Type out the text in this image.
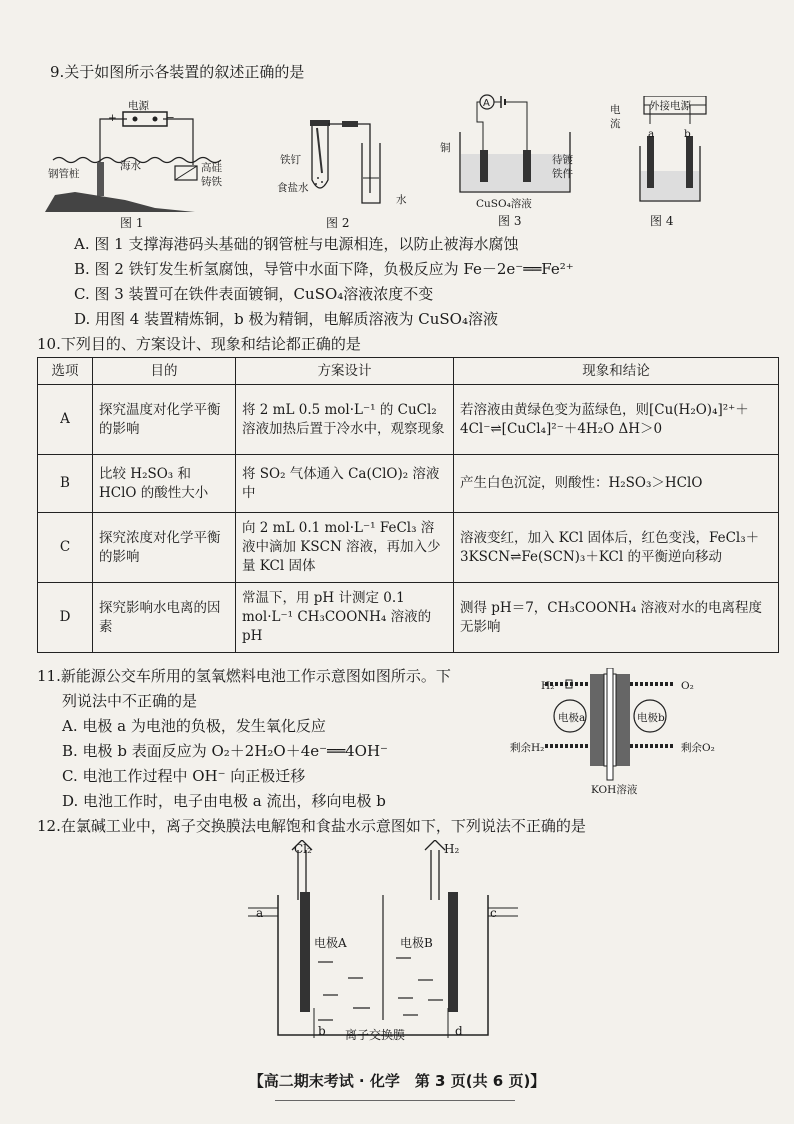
9.关于如图所示各装置的叙述正确的是
电源
+	−
海水
钢管桩	高硅
铸铁
图 1
铁钉
食盐水
水
图 2
A
铜
待镀
铁件
CuSO₄溶液
图 3
外接电源
电
流
a	b
图 4
A. 图 1 支撑海港码头基础的钢管桩与电源相连，以防止被海水腐蚀
B. 图 2 铁钉发生析氢腐蚀，导管中水面下降，负极反应为 Fe－2e⁻══Fe²⁺
C. 图 3 装置可在铁件表面镀铜，CuSO₄溶液浓度不变
D. 用图 4 装置精炼铜，b 极为精铜，电解质溶液为 CuSO₄溶液
10.下列目的、方案设计、现象和结论都正确的是
选项	目的	方案设计	现象和结论
A	探究温度对化学平衡的影响	将 2 mL 0.5 mol·L⁻¹ 的 CuCl₂ 溶液加热后置于冷水中，观察现象	若溶液由黄绿色变为蓝绿色，则[Cu(H₂O)₄]²⁺＋4Cl⁻⇌[CuCl₄]²⁻＋4H₂O ΔH＞0
B	比较 H₂SO₃ 和 HClO 的酸性大小	将 SO₂ 气体通入 Ca(ClO)₂ 溶液中	产生白色沉淀，则酸性：H₂SO₃＞HClO
C	探究浓度对化学平衡的影响	向 2 mL 0.1 mol·L⁻¹ FeCl₃ 溶液中滴加 KSCN 溶液，再加入少量 KCl 固体	溶液变红，加入 KCl 固体后，红色变浅，FeCl₃＋3KSCN⇌Fe(SCN)₃＋KCl 的平衡逆向移动
D	探究影响水电离的因素	常温下，用 pH 计测定 0.1 mol·L⁻¹ CH₃COONH₄ 溶液的 pH	测得 pH＝7，CH₃COONH₄ 溶液对水的电离程度无影响
11.新能源公交车所用的氢氧燃料电池工作示意图如图所示。下
列说法中不正确的是
A. 电极 a 为电池的负极，发生氧化反应
B. 电极 b 表面反应为 O₂＋2H₂O＋4e⁻══4OH⁻
C. 电池工作过程中 OH⁻ 向正极迁移
D. 电池工作时，电子由电极 a 流出，移向电极 b
H₂	O₂
电极a	电极b
剩余H₂	剩余O₂
KOH溶液
12.在氯碱工业中，离子交换膜法电解饱和食盐水示意图如下，下列说法不正确的是
Cl₂	H₂
a	c
电极A	电极B
b	d
离子交换膜
【高二期末考试 · 化学　第 3 页(共 6 页)】
